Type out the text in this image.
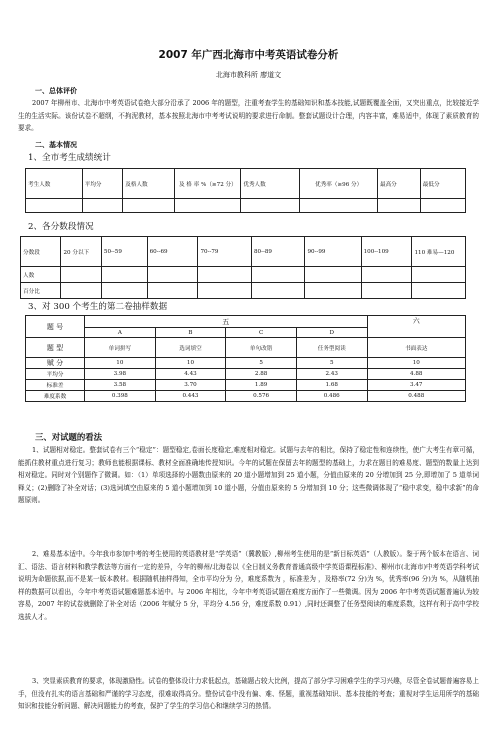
2007 年广西北海市中考英语试卷分析
北海市教科所 廖道文
一、总体评价
2007 年柳州市、北海市中考英语试卷绝大部分沿承了 2006 年的题型，注重考查学生的基础知识和基本技能,试题既覆盖全面，又突出重点，比较接近学生的生活实际。该份试卷不超纲，不拘泥教材，基本按照北海市中考考试说明的要求进行命制。整套试题设计合理，内容丰富，难易适中，体现了素质教育的要求。
二、基本情况
1、全市考生成绩统计
考生人数	平均分	及格人数	及 格 率 %（≥72 分）	优秀人数	优秀率（≥96 分）	最高分	最低分

2、各分数段情况
分数段	20 分以下	50--59	60--69	70--79	80--89	90--99	100--109	110 难易—120
人数								
百分比								
3、对 300 个考生的第二卷抽样数据
题 号	五				六
	A	B	C	D	
题 型	单词拼写	选词填空	单句改错	任务型阅读	书面表达
赋 分	10	10	5	5	10
平均分	3.98	4.43	2.88	2.43	4.88
标准差	3.58	3.70	1.89	1.68	3.47
难度系数	0.398	0.443	0.576	0.486	0.488
三、对试题的看法
1、试题相对稳定。整套试卷有三个“稳定”：题型稳定,卷面长度稳定,难度相对稳定。试题与去年的相比，保持了稳定性和连续性，使广大考生有章可循，能抓住教材重点进行复习；教师也能根据课标、教材全面准确地传授知识。今年的试题在保留去年的题型的基础上，力求在题目的难易度、题型的数量上达到相对稳定。同时对个别题作了微调。如：（1）单项选择的小题数由原来的 20 道小题增加到 25 道小题，分值由原来的 20 分增加到 25 分,即增加了 5 道单词释义；(2)删除了补全对话；(3)选词填空由原来的 5 道小题增加到 10 道小题，分值由原来的 5 分增加到 10 分；这些微调体现了“稳中求变，稳中求新”的命题原则。
2、难易基本适中。今年我市参加中考的考生使用的英语教材是“学英语”（冀教版）,柳州考生使用的是“新目标英语”（人教版）。鉴于两个版本在语言、词汇、语法、语言材料和教学教法等方面有一定的差异，今年的柳州/北海卷以《全日制义务教育普通高级中学英语课程标准》、柳州市(北海市)中考英语学科考试说明为命题依据,而不是某一版本教材。根据随机抽样得知，全市平均分为 分，难度系数为 ，标准差为 ，及格率(72 分)为 %，优秀率(96 分)为 %，从随机抽样的数据可以看出，今年中考英语试题难题基本适中。与 2006 年相比，今年中考英语试题在难度方面作了一些微调。因为 2006 年中考英语试题普遍认为较容易，2007 年的试卷就删除了补全对话（2006 年赋分 5 分，平均分 4.56 分，难度系数 0.91）,同时还调整了任务型阅读的难度系数，这样有利于高中学校选拔人才。
3、突显素质教育的要求，体现激励性。试卷的整体设计力求低起点，基础题占较大比例，提高了部分学习困难学生的学习兴趣，尽管全卷试题普遍容易上手，但没有扎实的语言基础和严谨的学习态度，很难取得高分。整份试卷中没有偏、难、怪题，重视基础知识、基本技能的考查；重视对学生运用所学的基础知识和技能分析问题、解决问题能力的考查，保护了学生的学习信心和继续学习的热情。
